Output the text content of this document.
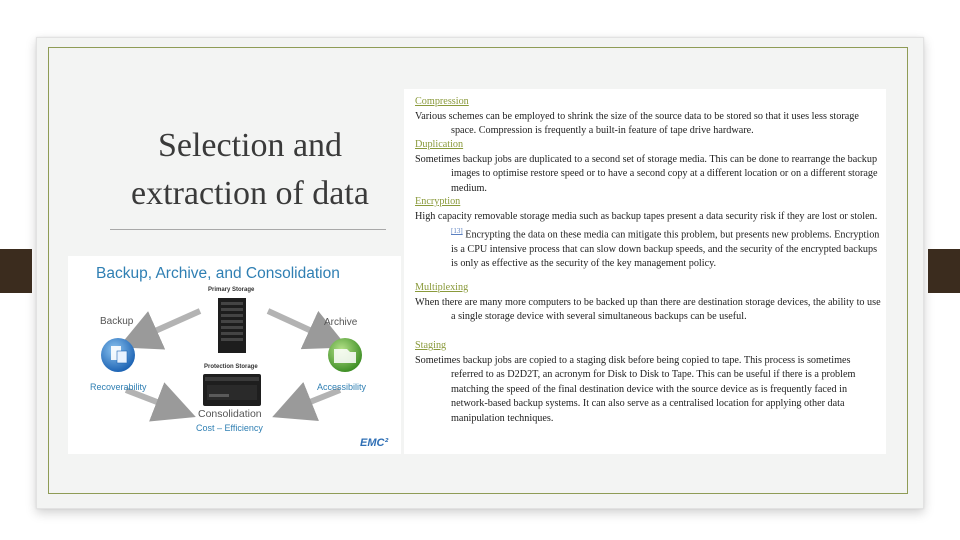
Selection and
extraction of data
Backup, Archive, and Consolidation
Primary Storage
Protection Storage
Backup	Archive
Recoverability	Accessibility
Consolidation
Cost – Efficiency
EMC²
Compression
Various schemes can be employed to shrink the size of the source data to be stored so that it uses less storage space. Compression is frequently a built-in feature of tape drive hardware.
Duplication
Sometimes backup jobs are duplicated to a second set of storage media. This can be done to rearrange the backup images to optimise restore speed or to have a second copy at a different location or on a different storage medium.
Encryption
High capacity removable storage media such as backup tapes present a data security risk if they are lost or stolen.[13] Encrypting the data on these media can mitigate this problem, but presents new problems. Encryption is a CPU intensive process that can slow down backup speeds, and the security of the encrypted backups is only as effective as the security of the key management policy.
Multiplexing
When there are many more computers to be backed up than there are destination storage devices, the ability to use a single storage device with several simultaneous backups can be useful.
Staging
Sometimes backup jobs are copied to a staging disk before being copied to tape. This process is sometimes referred to as D2D2T, an acronym for Disk to Disk to Tape. This can be useful if there is a problem matching the speed of the final destination device with the source device as is frequently faced in network-based backup systems. It can also serve as a centralised location for applying other data manipulation techniques.
